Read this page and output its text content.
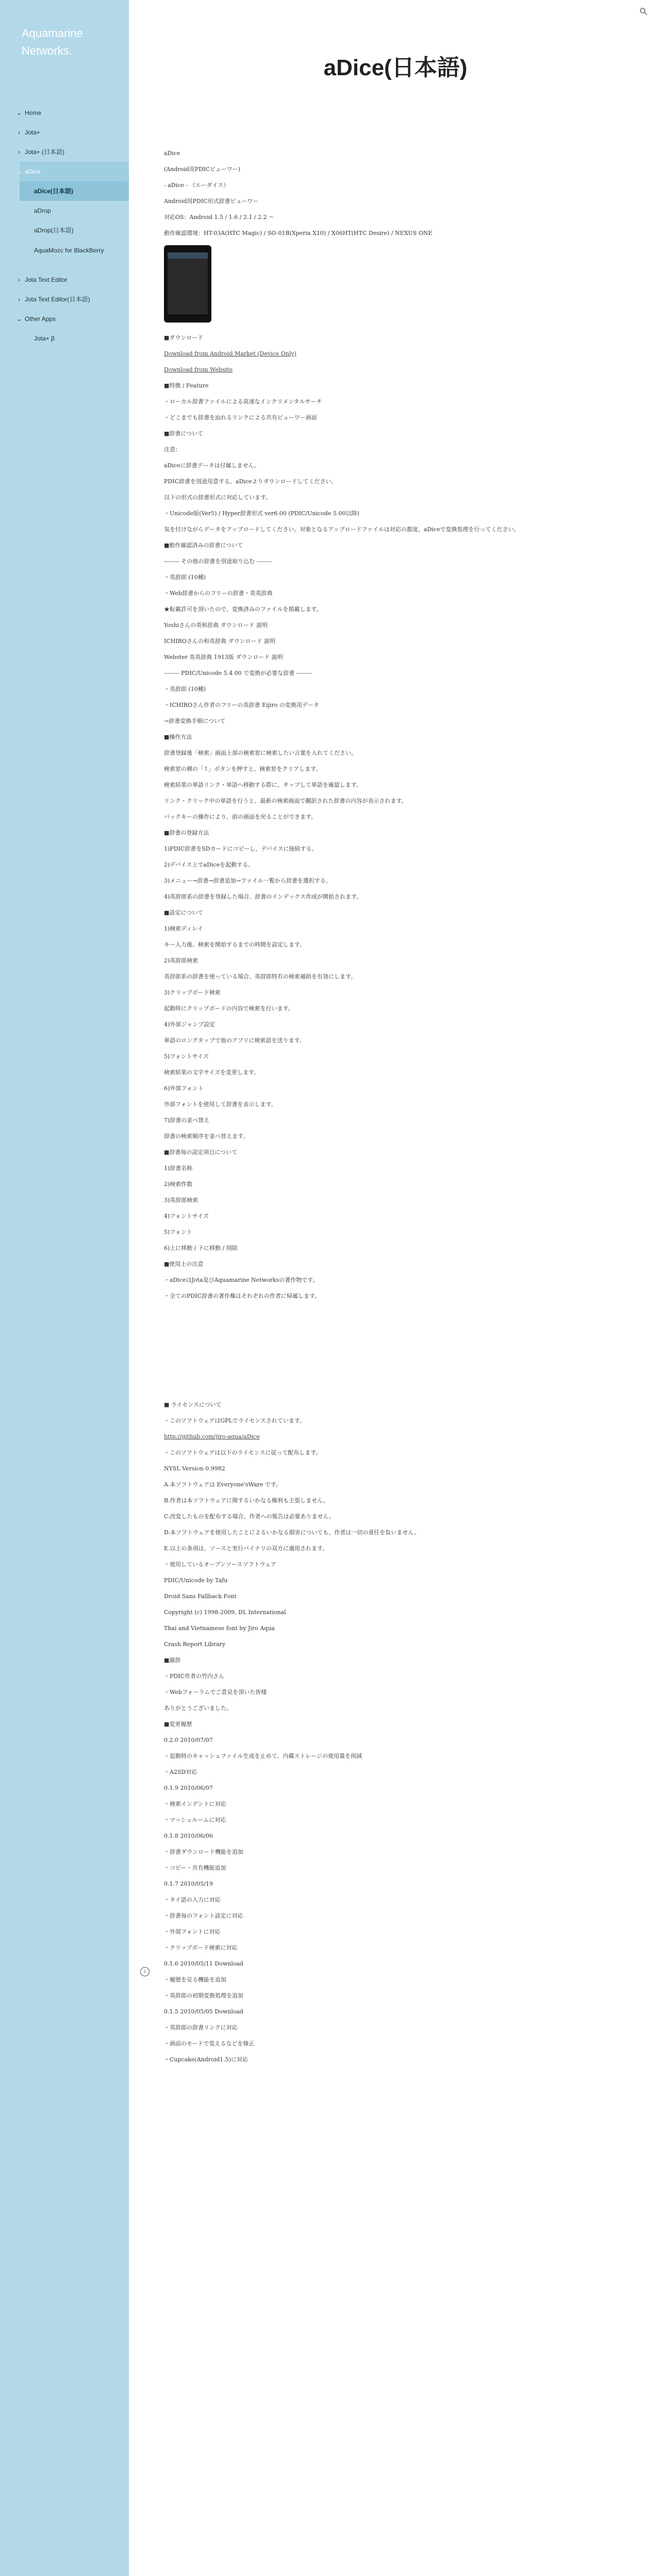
Aquamarine Networks.
⌄ Home
› Jota+
› Jota+ (日本語)
⌄ aDice
aDice(日本語)
aDrop
aDrop(日本語)
AquaMozc for BlackBerry
› Jota Text Editor
› Jota Text Editor(日本語)
⌄ Other Apps
Jota+ β
aDice(日本語)
aDice
(Android用PDICビューワー)
- aDice - （エーダイス）
Android用PDIC形式辞書ビューワー
対応OS：Android 1.5 / 1.6 / 2.1 / 2.2 〜
動作確認環境：HT-03A(HTC Magic) / SO-01B(Xperia X10) / X06HT(HTC Desire) / NEXUS ONE
■ダウンロード
Download from Android Market (Device Only)
Download from Website
■特徴 / Feature
・ローカル辞書ファイルによる高速なインクリメンタルサーチ
・どこまでも辞書を辿れるリンクによる共有ビューワー画面
■辞書について
注意：
aDiceに辞書データは付属しません。
PDIC辞書を別途用意する、aDiceよりダウンロードしてください。
以下の形式の辞書形式に対応しています。
・Unicode版(Ver5) / Hyper辞書形式 ver6.00 (PDIC/Unicode 5.00以降)
気を付けながらデータをアップロードしてください。対象となるアップロードファイルは対応の都度、aDiceで変換処理を行ってください。
■動作確認済みの辞書について
-------- その他の辞書を別途取り込む --------
・英辞郎 (10種)
・Web辞書からのフリーの辞書・英英辞典
★転載許可を頂いたので、変換済みのファイルを掲載します。
Yoshiさんの英和辞典 ダウンロード 説明
ICHIROさんの和英辞典 ダウンロード 説明
Webster 英英辞典 1913版 ダウンロード 説明
-------- PDIC/Unicode 5.4.00 で変換が必要な辞書 --------
・英辞郎 (10種)
・ICHIROさん作者のフリーの英辞書 Eijiro の変換用データ
→辞書変換手順について
■操作方法
辞書登録後「検索」画面上部の検索窓に検索したい言葉を入れてください。
検索窓の横の「↑」ボタンを押すと、検索窓をクリアします。
検索結果の単語リンク・単語へ移動する際に、タップして単語を確認します。
リンク・クリック中の単語を行うと、最新の検索画面で翻訳された辞書の内容が表示されます。
バックキーの操作により、前の画面を戻ることができます。
■辞書の登録方法
1)PDIC辞書をSDカードにコピーし、デバイスに接続する。
2)デバイス上でaDiceを起動する。
3)メニュー→辞書→辞書追加→ファイル一覧から辞書を選択する。
4)英辞郎系の辞書を登録した場合、辞書のインデックス作成が開始されます。
■設定について
1)検索ディレイ
キー入力後、検索を開始するまでの時間を設定します。
2)英辞郎検索
英辞郎系の辞書を使っている場合、英辞郎特有の検索補助を有効にします。
3)クリップボード検索
起動時にクリップボードの内容で検索を行います。
4)外部ジャンプ設定
単語のロングタップで他のアプリに検索語を送ります。
5)フォントサイズ
検索結果の文字サイズを変更します。
6)外部フォント
外部フォントを使用して辞書を表示します。
7)辞書の並べ替え
辞書の検索順序を並べ替えます。
■辞書毎の設定項目について
1)辞書名称
2)検索件数
3)英辞郎検索
4)フォントサイズ
5)フォント
6)上に移動 / 下に移動 / 削除
■使用上の注意
・aDiceはJota及びAquamarine Networksの著作物です。
・全てのPDIC辞書の著作権はそれぞれの作者に帰属します。
■ ライセンスについて
・このソフトウェアはGPLでライセンスされています。
http://github.com/jiro-aqua/aDice
・このソフトウェアは以下のライセンスに従って配布します。
NYSL Version 0.9982
A.本ソフトウェアは Everyone'sWare です。
B.作者は本ソフトウェアに関するいかなる権利も主張しません。
C.改変したものを配布する場合、作者への報告は必要ありません。
D.本ソフトウェアを使用したことによるいかなる損害についても、作者は一切の責任を負いません。
E.以上の条項は、ソースと実行バイナリの双方に適用されます。
・使用しているオープンソースソフトウェア
PDIC/Unicode by Tafu
Droid Sans Fallback Font
Copyright (c) 1998-2009, DL International
Thai and Vietnamese font by Jiro Aqua
Crash Report Library
■謝辞
・PDIC作者の竹内さん
・Webフォーラムでご意見を頂いた皆様
ありがとうございました。
■変更履歴
0.2.0 2010/07/07
・起動時のキャッシュファイル生成を止めて、内蔵ストレージの使用量を削減
・A2SD対応
0.1.9 2010/06/07
・検索インデントに対応
・マッシュルームに対応
0.1.8 2010/06/06
・辞書ダウンロード機能を追加
・コピー・共有機能追加
0.1.7 2010/05/19
・タイ語の入力に対応
・辞書毎のフォント設定に対応
・外部フォントに対応
・クリップボード検索に対応
0.1.6 2010/05/11 Download
・履歴を見る機能を追加
・英辞郎の初期変換処理を追加
0.1.5 2010/05/05 Download
・英辞郎の辞書リンクに対応
・画面のモードで変えるなどを修正
・Cupcake(Android1.5)に対応
i
